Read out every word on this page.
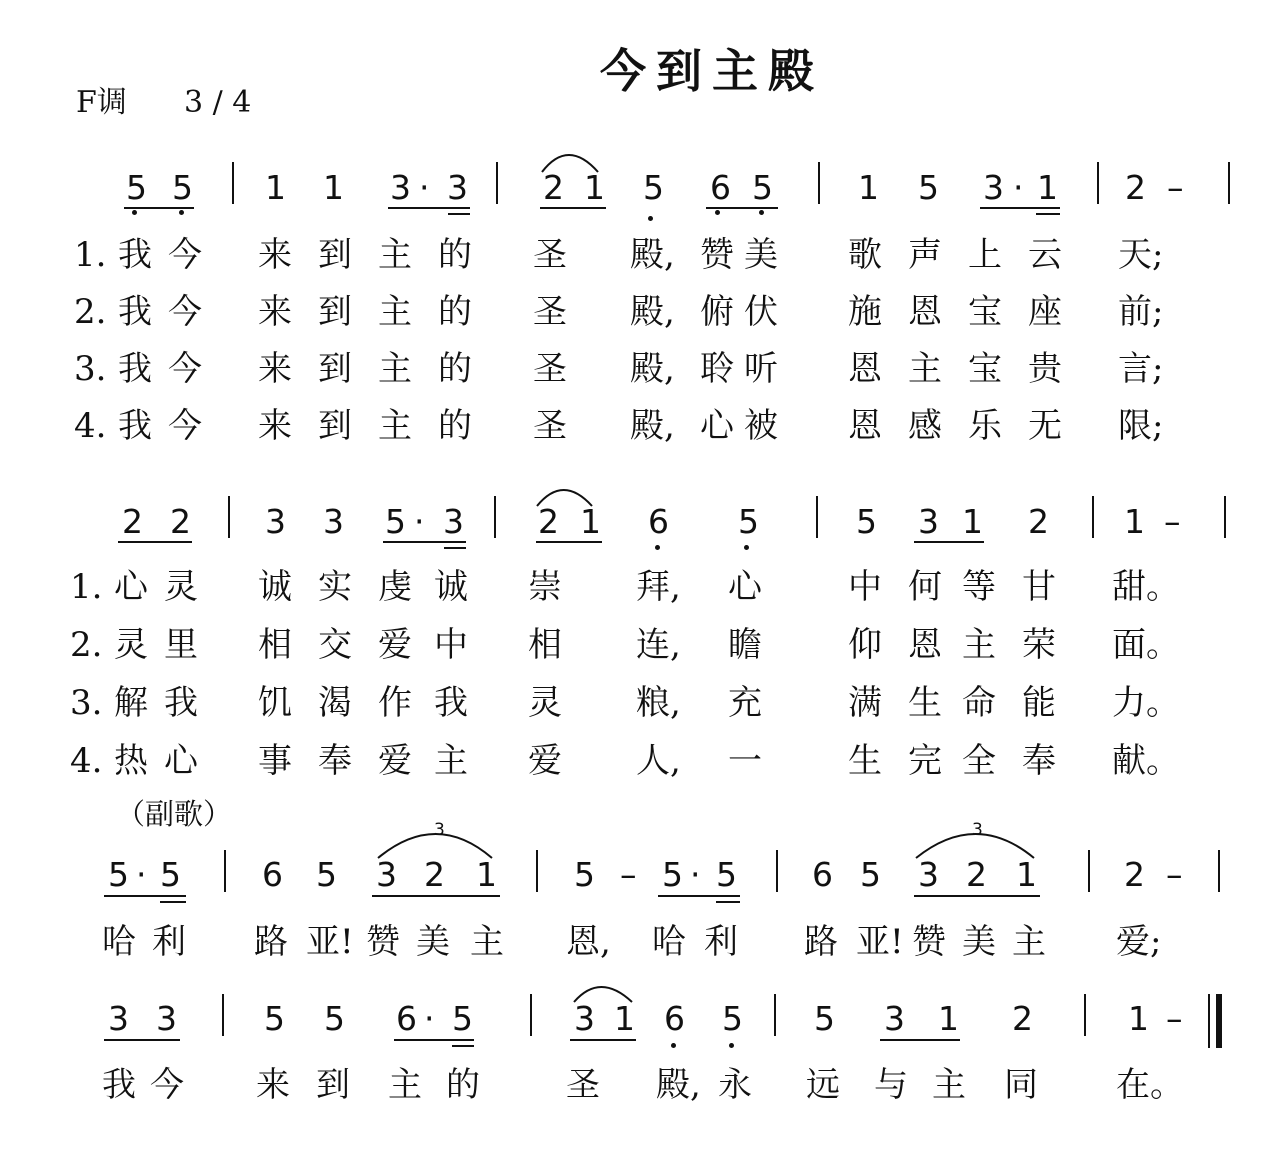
今到主殿
F调 3 / 4
5 5 1 1 3 · 3 2 1 5 6 5	1 5 3 · 1 2 –
1. 我 今 来 到 主 的 圣 殿, 赞 美 歌 声 上 云 天;
2. 我 今 来 到 主 的 圣 殿, 俯 伏 施 恩 宝 座 前;
3. 我 今 来 到 主 的 圣 殿, 聆 听 恩 主 宝 贵 言;
4. 我 今 来 到 主 的 圣 殿, 心 被 恩 感 乐 无 限;
2 2 3 3 5 · 3 2 1 6 5	5 3 1 2 1 –
1. 心 灵 诚 实 虔 诚 崇 拜, 心	中 何 等 甘 甜。
2. 灵 里 相 交 爱 中 相 连, 瞻	仰 恩 主 荣 面。
3. 解 我 饥 渴 作 我 灵 粮, 充	满 生 命 能 力。
4. 热 心 事 奉 爱 主 爱 人, 一	生 完 全 奉 献。
（副歌）
5 · 5 6 5 3 2 1 5 – 5 · 5 6 5 3 2 1	2 –
3	3
哈 利 路 亚! 赞 美 主 恩, 哈 利 路 亚! 赞 美 主 爱;
3 3	5 5 6 · 5	3 1 6 5 5 3 1 2	1 –
我 今 来 到 主 的	圣 殿, 永 远 与 主 同 在。
